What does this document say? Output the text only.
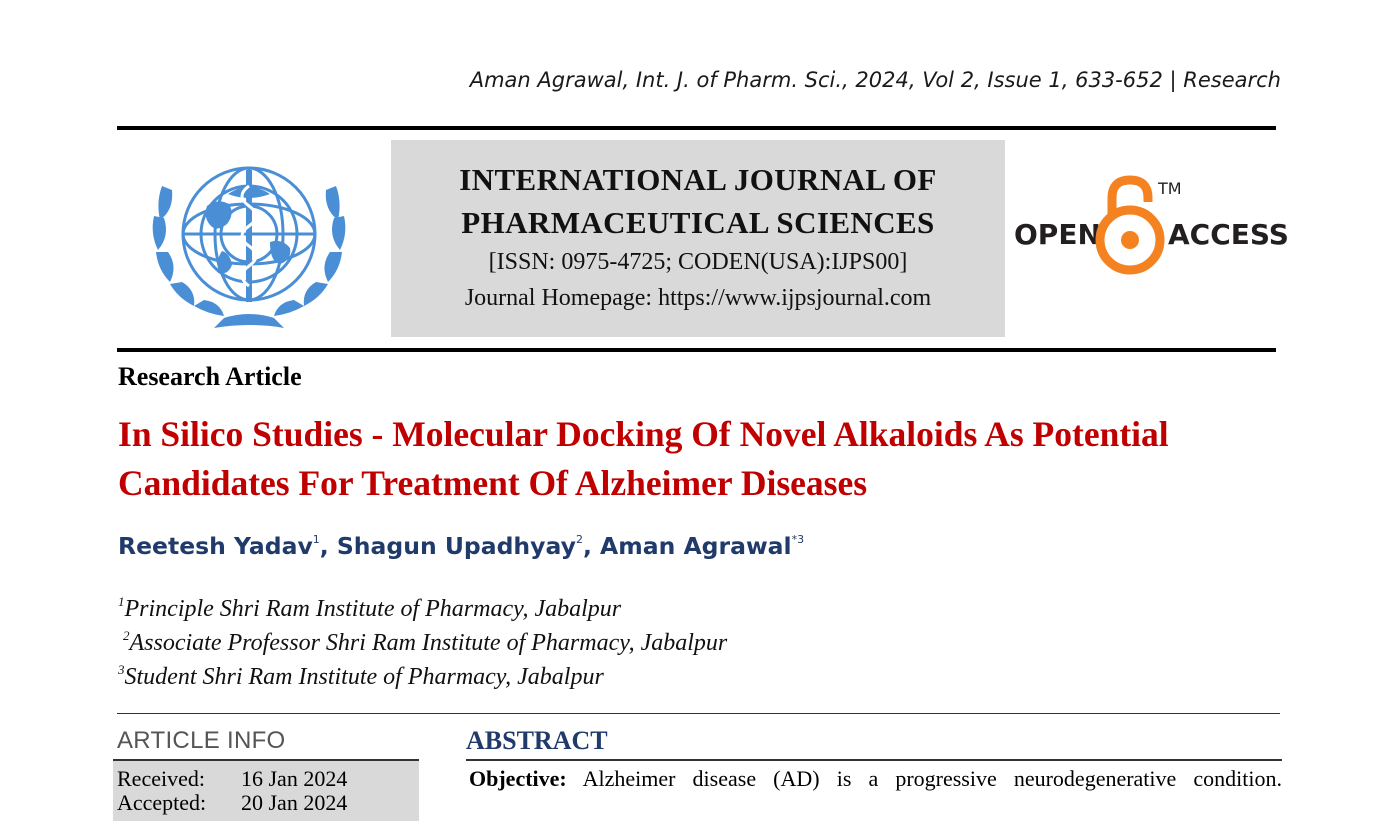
Aman Agrawal, Int. J. of Pharm. Sci., 2024, Vol 2, Issue 1, 633-652 | Research
INTERNATIONAL JOURNAL OF
PHARMACEUTICAL SCIENCES
[ISSN: 0975-4725; CODEN(USA):IJPS00]
Journal Homepage: https://www.ijpsjournal.com
OPEN
TM
ACCESS
Research Article
In Silico Studies - Molecular Docking Of Novel Alkaloids As Potential Candidates For Treatment Of Alzheimer Diseases
Reetesh Yadav$^1$, Shagun Upadhyay$^2$, Aman Agrawal$^{*3}$
$^1$Principle Shri Ram Institute of Pharmacy, Jabalpur
$^2$Associate Professor Shri Ram Institute of Pharmacy, Jabalpur
$^3$Student Shri Ram Institute of Pharmacy, Jabalpur
ARTICLE INFO
Received: 16 Jan 2024
Accepted: 20 Jan 2024
ABSTRACT
Objective: Alzheimer disease (AD) is a progressive neurodegenerative condition.
